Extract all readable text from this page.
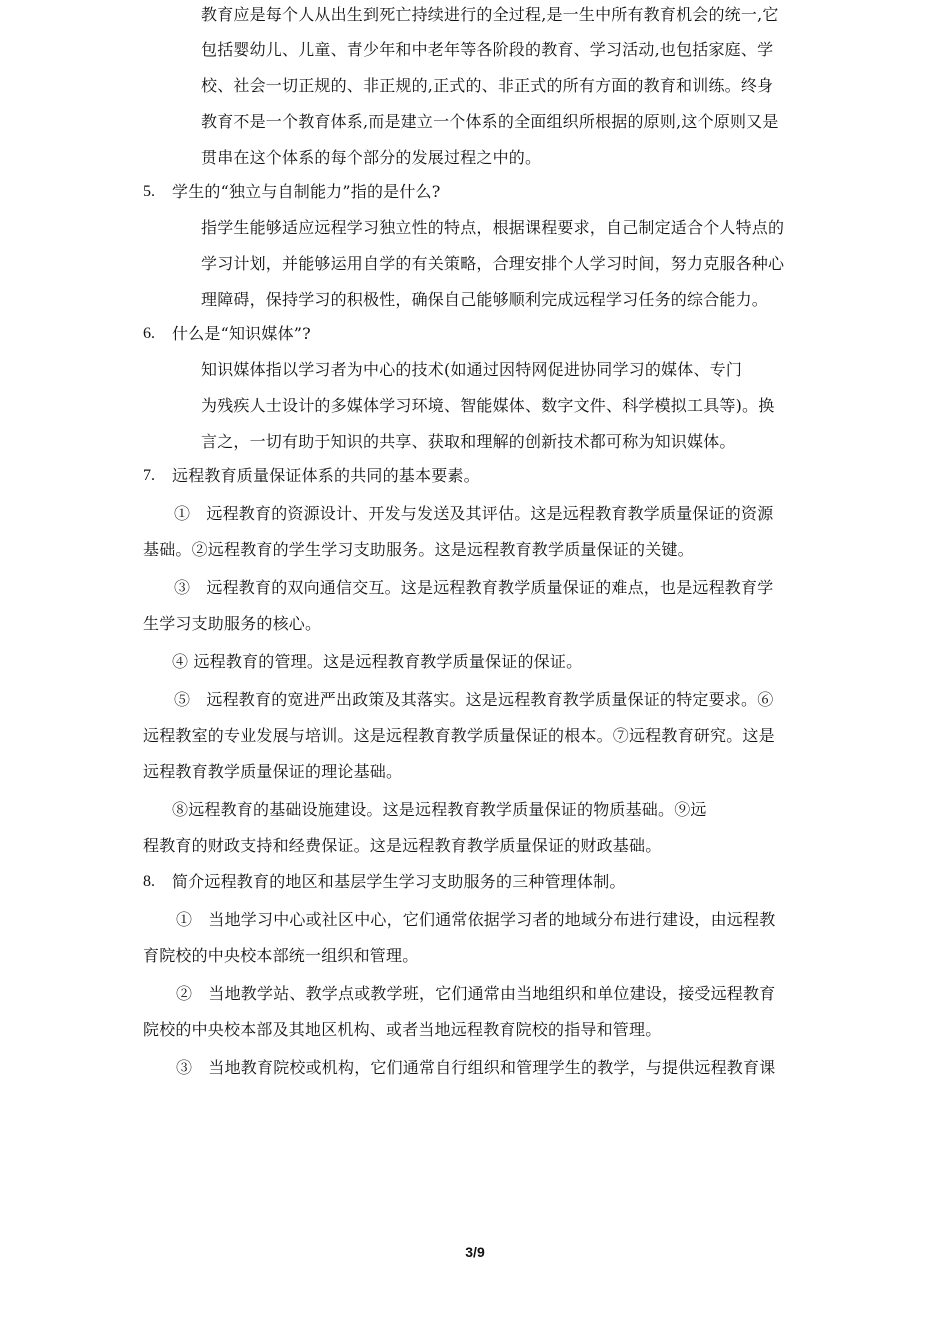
教育应是每个人从出生到死亡持续进行的全过程,是一生中所有教育机会的统一,它
包括婴幼儿、儿童、青少年和中老年等各阶段的教育、学习活动,也包括家庭、学
校、社会一切正规的、非正规的,正式的、非正式的所有方面的教育和训练。终身
教育不是一个教育体系,而是建立一个体系的全面组织所根据的原则,这个原则又是
贯串在这个体系的每个部分的发展过程之中的。
5. 学生的“独立与自制能力”指的是什么?
指学生能够适应远程学习独立性的特点，根据课程要求，自己制定适合个人特点的
学习计划，并能够运用自学的有关策略，合理安排个人学习时间，努力克服各种心
理障碍，保持学习的积极性，确保自己能够顺利完成远程学习任务的综合能力。
6. 什么是“知识媒体”?
知识媒体指以学习者为中心的技术(如通过因特网促进协同学习的媒体、专门
为残疾人士设计的多媒体学习环境、智能媒体、数字文件、科学模拟工具等)。换
言之，一切有助于知识的共享、获取和理解的创新技术都可称为知识媒体。
7. 远程教育质量保证体系的共同的基本要素。
①　远程教育的资源设计、开发与发送及其评估。这是远程教育教学质量保证的资源
基础。②远程教育的学生学习支助服务。这是远程教育教学质量保证的关键。
③　远程教育的双向通信交互。这是远程教育教学质量保证的难点，也是远程教育学
生学习支助服务的核心。
④ 远程教育的管理。这是远程教育教学质量保证的保证。
⑤　远程教育的宽进严出政策及其落实。这是远程教育教学质量保证的特定要求。⑥
远程教室的专业发展与培训。这是远程教育教学质量保证的根本。⑦远程教育研究。这是
远程教育教学质量保证的理论基础。
⑧远程教育的基础设施建设。这是远程教育教学质量保证的物质基础。⑨远
程教育的财政支持和经费保证。这是远程教育教学质量保证的财政基础。
8. 简介远程教育的地区和基层学生学习支助服务的三种管理体制。
①　当地学习中心或社区中心，它们通常依据学习者的地域分布进行建设，由远程教
育院校的中央校本部统一组织和管理。
②　当地教学站、教学点或教学班，它们通常由当地组织和单位建设，接受远程教育
院校的中央校本部及其地区机构、或者当地远程教育院校的指导和管理。
③　当地教育院校或机构，它们通常自行组织和管理学生的教学，与提供远程教育课
3/9
